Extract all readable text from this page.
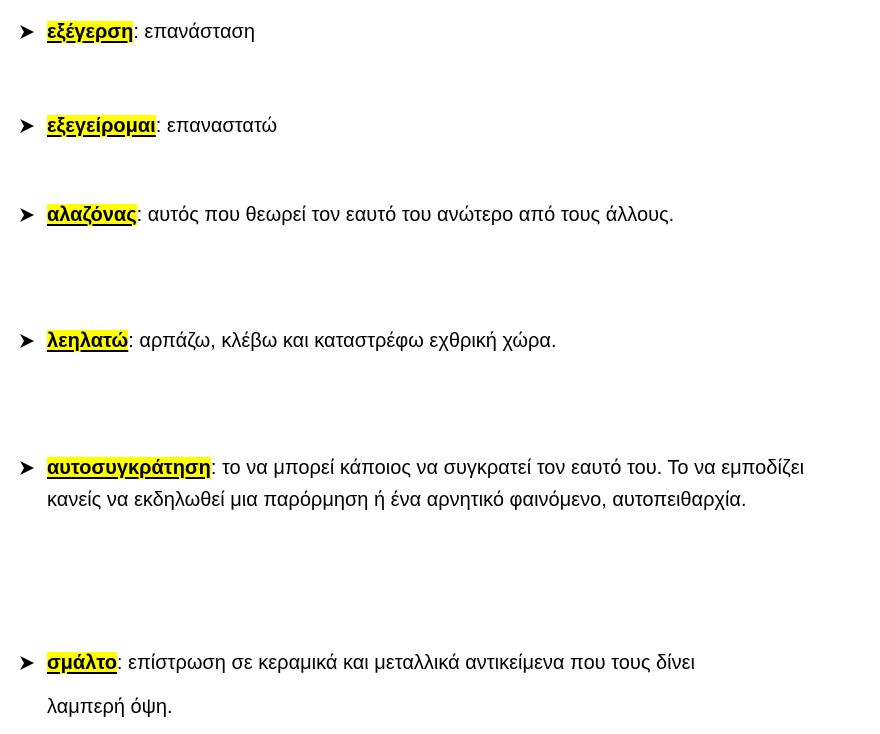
εξέγερση: επανάσταση
εξεγείρομαι: επαναστατώ
αλαζόνας: αυτός που θεωρεί τον εαυτό του ανώτερο από τους άλλους.
λεηλατώ: αρπάζω, κλέβω και καταστρέφω εχθρική χώρα.
αυτοσυγκράτηση: το να μπορεί κάποιος να συγκρατεί τον εαυτό του. Το να εμποδίζει κανείς να εκδηλωθεί μια παρόρμηση ή ένα αρνητικό φαινόμενο, αυτοπειθαρχία.
σμάλτο: επίστρωση σε κεραμικά και μεταλλικά αντικείμενα που τους δίνει
λαμπερή όψη.
